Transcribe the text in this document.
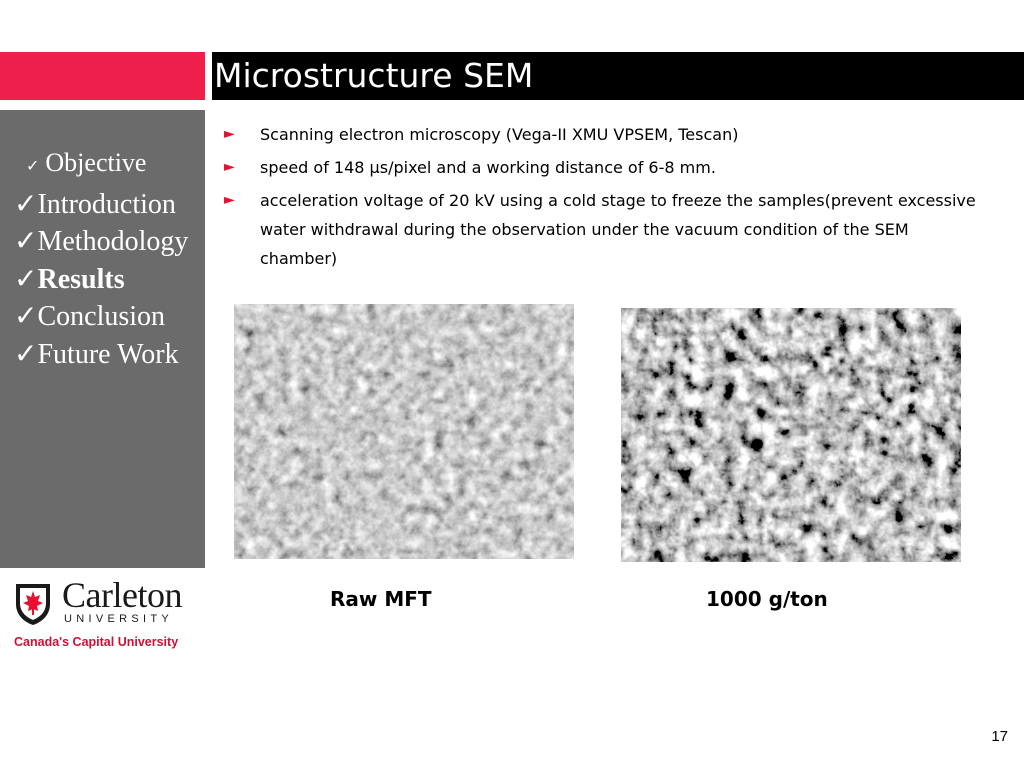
Microstructure SEM
✓ Objective
✓Introduction
✓Methodology
✓Results
✓Conclusion
✓Future Work
► Scanning electron microscopy (Vega-II XMU VPSEM, Tescan)
► speed of 148 µs/pixel and a working distance of 6-8 mm.
► acceleration voltage of 20 kV using a cold stage to freeze the samples(prevent excessive water withdrawal during the observation under the vacuum condition of the SEM chamber)
Raw MFT	1000 g/ton
Carleton
UNIVERSITY
Canada's Capital University
17
